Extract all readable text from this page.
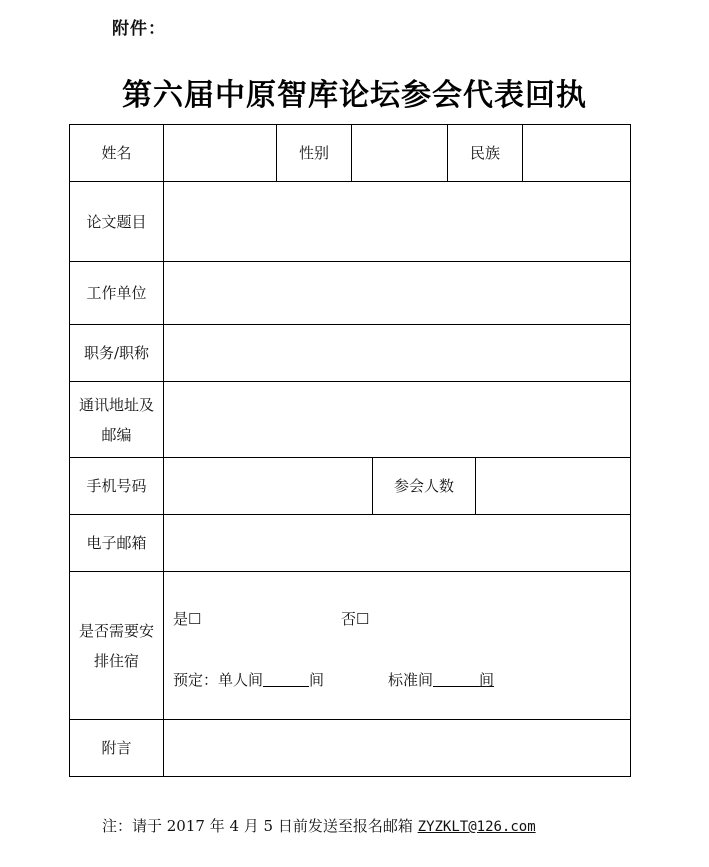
附件：
第六届中原智库论坛参会代表回执
姓名		性别			民族		
论文题目							
工作单位							
职务/职称							
通讯地址及邮编							
手机号码				参会人数			
电子邮箱							
是否需要安排住宿	是☐ 否☐
预定：单人间 间 标准间 间						

附言							
注：请于 2017 年 4 月 5 日前发送至报名邮箱 ZYZKLT@126.com
